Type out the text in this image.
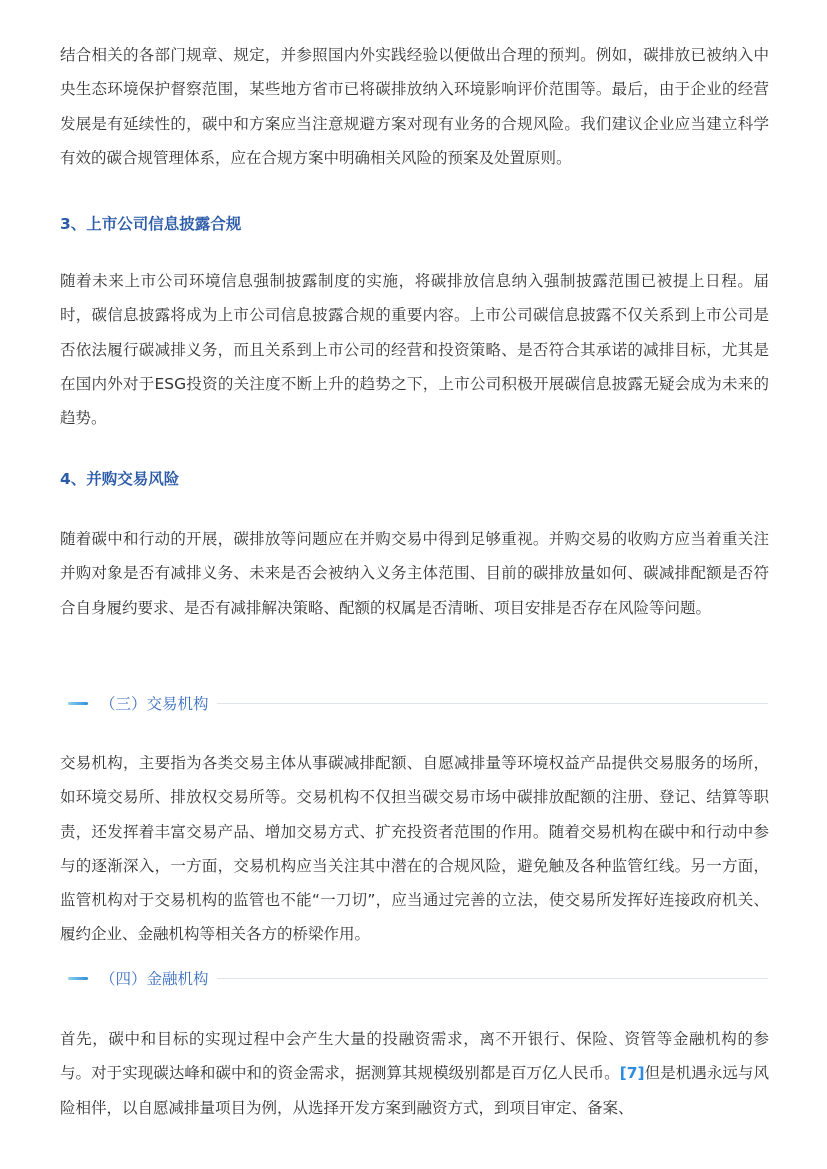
结合相关的各部门规章、规定，并参照国内外实践经验以便做出合理的预判。例如，碳排放已被纳入中央生态环境保护督察范围，某些地方省市已将碳排放纳入环境影响评价范围等。最后，由于企业的经营发展是有延续性的，碳中和方案应当注意规避方案对现有业务的合规风险。我们建议企业应当建立科学有效的碳合规管理体系，应在合规方案中明确相关风险的预案及处置原则。

3、上市公司信息披露合规

随着未来上市公司环境信息强制披露制度的实施，将碳排放信息纳入强制披露范围已被提上日程。届时，碳信息披露将成为上市公司信息披露合规的重要内容。上市公司碳信息披露不仅关系到上市公司是否依法履行碳减排义务，而且关系到上市公司的经营和投资策略、是否符合其承诺的减排目标，尤其是在国内外对于ESG投资的关注度不断上升的趋势之下，上市公司积极开展碳信息披露无疑会成为未来的趋势。

4、并购交易风险

随着碳中和行动的开展，碳排放等问题应在并购交易中得到足够重视。并购交易的收购方应当着重关注并购对象是否有减排义务、未来是否会被纳入义务主体范围、目前的碳排放量如何、碳减排配额是否符合自身履约要求、是否有减排解决策略、配额的权属是否清晰、项目安排是否存在风险等问题。

（三）交易机构

交易机构，主要指为各类交易主体从事碳减排配额、自愿减排量等环境权益产品提供交易服务的场所，如环境交易所、排放权交易所等。交易机构不仅担当碳交易市场中碳排放配额的注册、登记、结算等职责，还发挥着丰富交易产品、增加交易方式、扩充投资者范围的作用。随着交易机构在碳中和行动中参与的逐渐深入，一方面，交易机构应当关注其中潜在的合规风险，避免触及各种监管红线。另一方面，监管机构对于交易机构的监管也不能“一刀切”，应当通过完善的立法，使交易所发挥好连接政府机关、履约企业、金融机构等相关各方的桥梁作用。

（四）金融机构

首先，碳中和目标的实现过程中会产生大量的投融资需求，离不开银行、保险、资管等金融机构的参与。对于实现碳达峰和碳中和的资金需求，据测算其规模级别都是百万亿人民币。[7]但是机遇永远与风险相伴，以自愿减排量项目为例，从选择开发方案到融资方式，到项目审定、备案、
